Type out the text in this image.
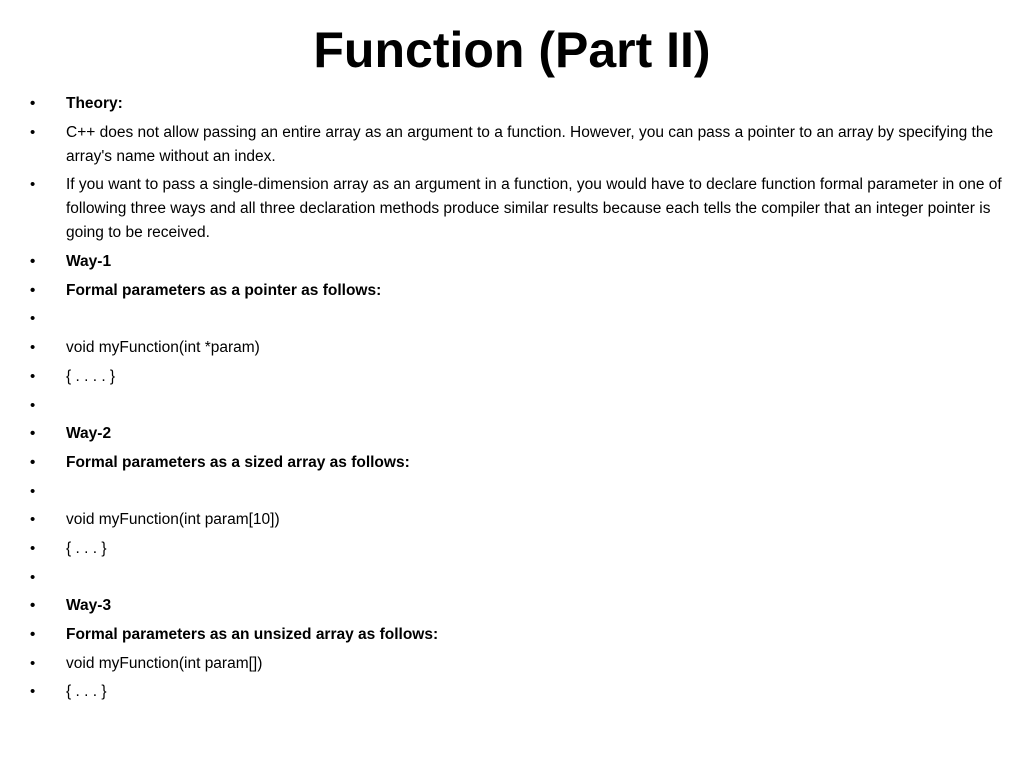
Function (Part II)
• Theory:
• C++ does not allow passing an entire array as an argument to a function. However, you can pass a pointer to an array by specifying the array's name without an index.
• If you want to pass a single-dimension array as an argument in a function, you would have to declare function formal parameter in one of following three ways and all three declaration methods produce similar results because each tells the compiler that an integer pointer is going to be received.
• Way-1
• Formal parameters as a pointer as follows:
•
• void myFunction(int *param)
• { . . . . }
•
• Way-2
• Formal parameters as a sized array as follows:
•
• void myFunction(int param[10])
• { . . . }
•
• Way-3
• Formal parameters as an unsized array as follows:
• void myFunction(int param[])
• { . . . }
